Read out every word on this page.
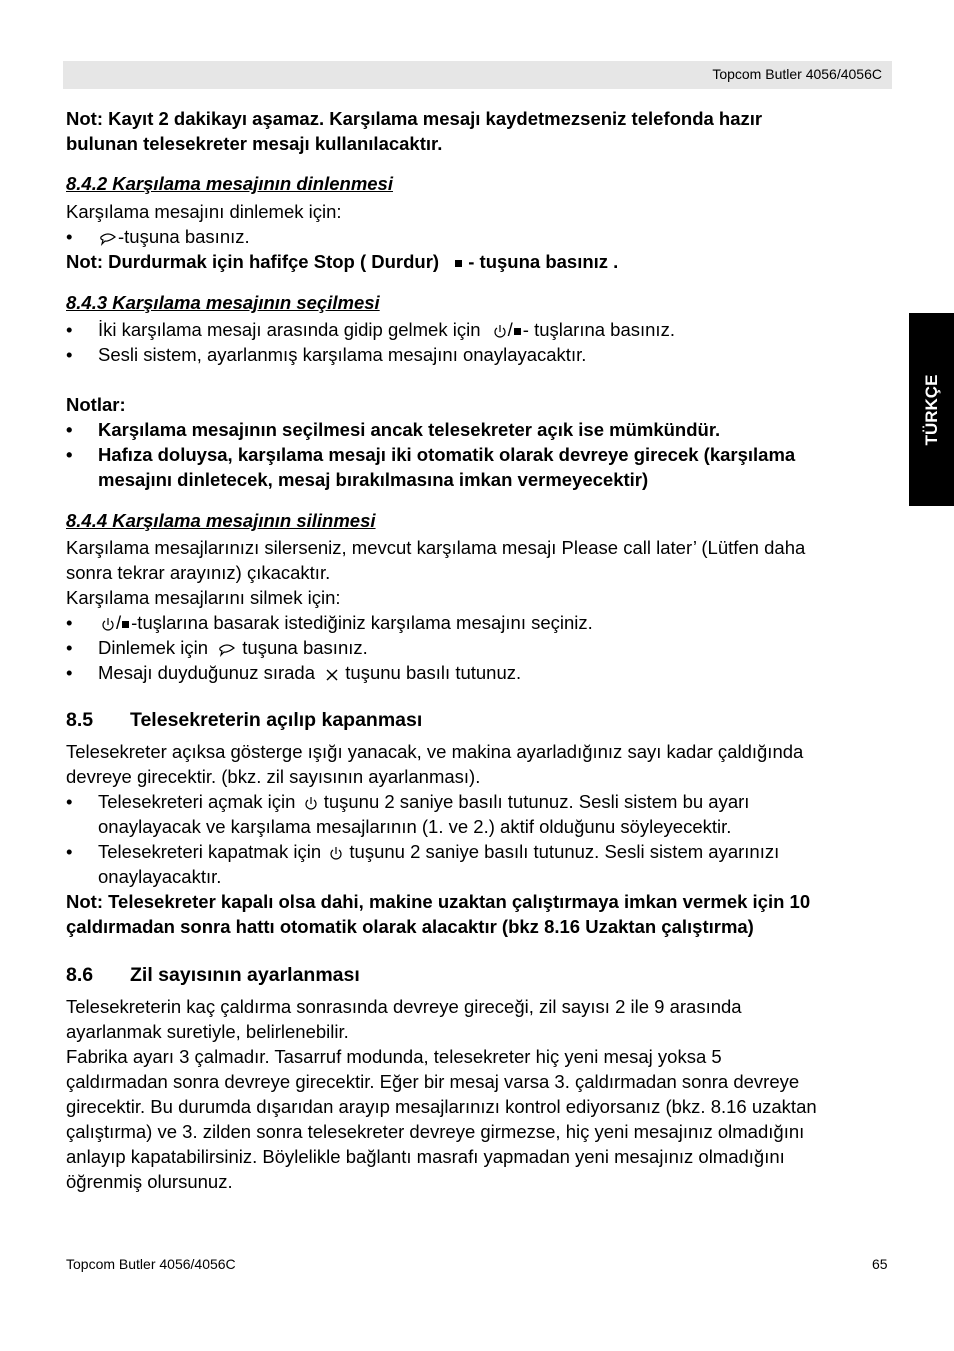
Topcom Butler 4056/4056C
TÜRKÇE
Not: Kayıt 2 dakikayı aşamaz. Karşılama mesajı kaydetmezseniz telefonda hazır
bulunan telesekreter mesajı kullanılacaktır.
8.4.2 Karşılama mesajının dinlenmesi
Karşılama mesajını dinlemek için:
•	-tuşuna basınız.
Not: Durdurmak için hafifçe Stop ( Durdur) - tuşuna basınız .
8.4.3 Karşılama mesajının seçilmesi
• İki karşılama mesajı arasında gidip gelmek için / - tuşlarına basınız.
• Sesli sistem, ayarlanmış karşılama mesajını onaylayacaktır.
Notlar:
• Karşılama mesajının seçilmesi ancak telesekreter açık ise mümkündür.
• Hafıza doluysa, karşılama mesajı iki otomatik olarak devreye girecek (karşılama
mesajını dinletecek, mesaj bırakılmasına imkan vermeyecektir)
8.4.4 Karşılama mesajının silinmesi
Karşılama mesajlarınızı silerseniz, mevcut karşılama mesajı Please call later’ (Lütfen daha
sonra tekrar arayınız) çıkacaktır.
Karşılama mesajlarını silmek için:
•	/ -tuşlarına basarak istediğiniz karşılama mesajını seçiniz.
• Dinlemek için tuşuna basınız.
• Mesajı duyduğunuz sırada tuşunu basılı tutunuz.
8.5 Telesekreterin açılıp kapanması
Telesekreter açıksa gösterge ışığı yanacak, ve makina ayarladığınız sayı kadar çaldığında
devreye girecektir. (bkz. zil sayısının ayarlanması).
• Telesekreteri açmak için tuşunu 2 saniye basılı tutunuz. Sesli sistem bu ayarı
onaylayacak ve karşılama mesajlarının (1. ve 2.) aktif olduğunu söyleyecektir.
• Telesekreteri kapatmak için tuşunu 2 saniye basılı tutunuz. Sesli sistem ayarınızı
onaylayacaktır.
Not: Telesekreter kapalı olsa dahi, makine uzaktan çalıştırmaya imkan vermek için 10
çaldırmadan sonra hattı otomatik olarak alacaktır (bkz 8.16 Uzaktan çalıştırma)
8.6 Zil sayısının ayarlanması
Telesekreterin kaç çaldırma sonrasında devreye gireceği, zil sayısı 2 ile 9 arasında
ayarlanmak suretiyle, belirlenebilir.
Fabrika ayarı 3 çalmadır. Tasarruf modunda, telesekreter hiç yeni mesaj yoksa 5
çaldırmadan sonra devreye girecektir. Eğer bir mesaj varsa 3. çaldırmadan sonra devreye
girecektir. Bu durumda dışarıdan arayıp mesajlarınızı kontrol ediyorsanız (bkz. 8.16 uzaktan
çalıştırma) ve 3. zilden sonra telesekreter devreye girmezse, hiç yeni mesajınız olmadığını
anlayıp kapatabilirsiniz. Böylelikle bağlantı masrafı yapmadan yeni mesajınız olmadığını
öğrenmiş olursunuz.
Topcom Butler 4056/4056C	65
